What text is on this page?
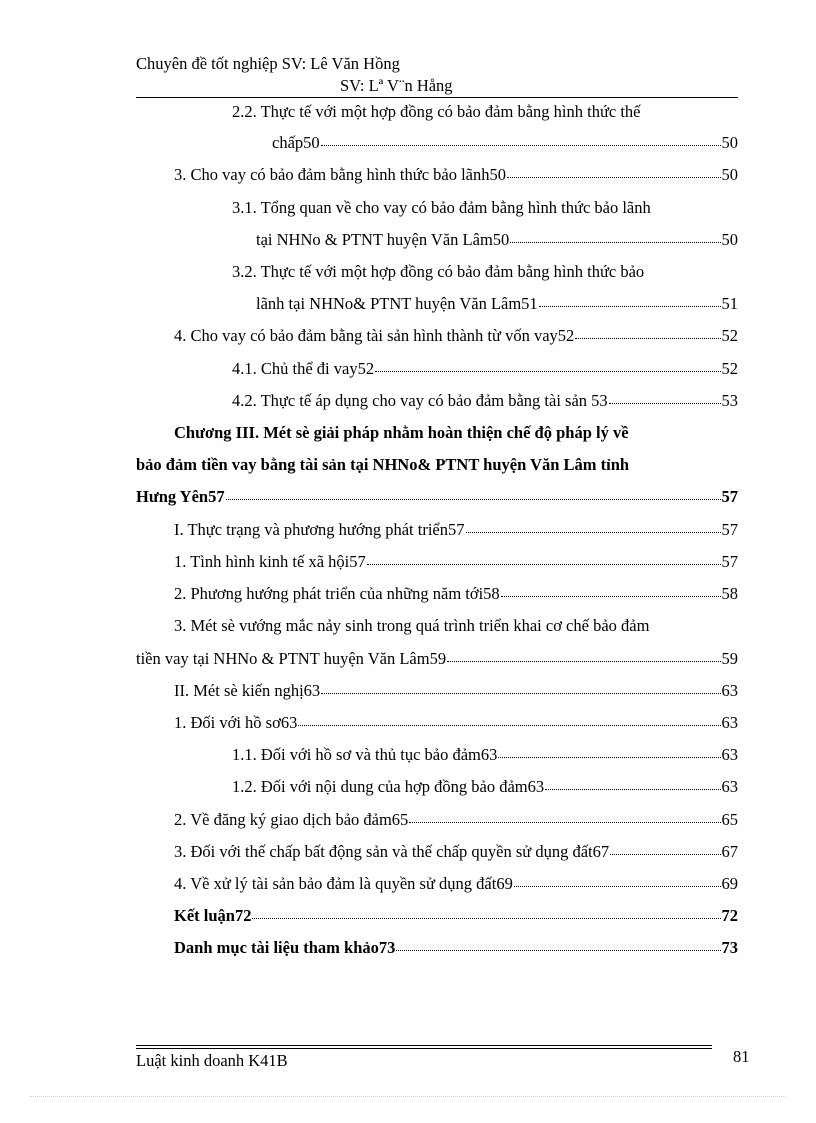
Chuyên đề tốt nghiệp SV: Lê Văn Hồng
SV: Lª V¨n Hång
2.2. Thực tế với một hợp đồng có bảo đảm bằng hình thức thế
chấp50	50
3. Cho vay có bảo đảm bằng hình thức bảo lãnh50	50
3.1. Tổng quan về cho vay có bảo đảm bằng hình thức bảo lãnh
tại NHNo & PTNT huyện Văn Lâm50	50
3.2. Thực tế với một hợp đồng có bảo đảm bằng hình thức bảo
lãnh tại NHNo& PTNT huyện Văn Lâm51	51
4. Cho vay có bảo đảm bằng tài sản hình thành từ vốn vay52	52
4.1. Chủ thể đi vay52	52
4.2. Thực tế áp dụng cho vay có bảo đảm bằng tài sản 53	53
Chương III. Mét sè giải pháp nhằm hoàn thiện chế độ pháp lý về
bảo đảm tiền vay bằng tài sản tại NHNo& PTNT huyện Văn Lâm tỉnh
Hưng Yên57	57
I. Thực trạng và phương hướng phát triển57	57
1. Tình hình kinh tế xã hội57	57
2. Phương hướng phát triển của những năm tới58	58
3. Mét sè vướng mắc nảy sinh trong quá trình triển khai cơ chế bảo đảm
tiền vay tại NHNo & PTNT huyện Văn Lâm59	59
II. Mét sè kiến nghị63	63
1. Đối với hồ sơ63	63
1.1. Đối với hồ sơ và thủ tục bảo đảm63	63
1.2. Đối với nội dung của hợp đồng bảo đảm63	63
2. Về đăng ký giao dịch bảo đảm65	65
3. Đối với thế chấp bất động sản và thế chấp quyền sử dụng đất67	67
4. Về xử lý tài sản bảo đảm là quyền sử dụng đất69	69
Kết luận72	72
Danh mục tài liệu tham khảo73	73
Luật kinh doanh K41B	81
